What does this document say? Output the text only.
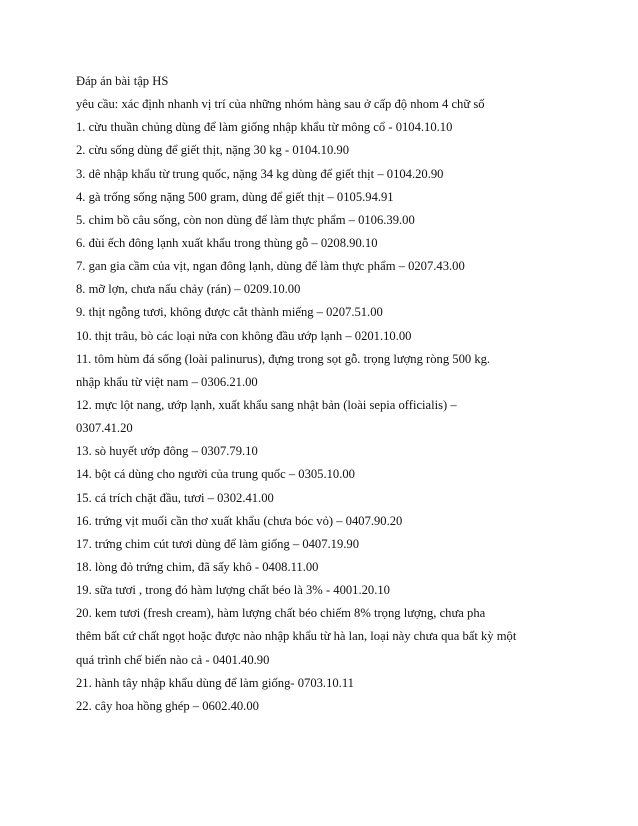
Đáp án bài tập HS
yêu cầu: xác định nhanh vị trí của những nhóm hàng sau ở cấp độ nhom 4 chữ số
1. cừu thuần chủng dùng để làm giống nhập khẩu từ mông cổ - 0104.10.10
2. cừu sống dùng để giết thịt, nặng 30 kg - 0104.10.90
3. dê nhập khẩu từ trung quốc, nặng 34 kg dùng để giết thịt – 0104.20.90
4. gà trống sống nặng 500 gram, dùng để giết thịt – 0105.94.91
5. chim bồ câu sống, còn non dùng để làm thực phẩm – 0106.39.00
6. đùi ếch đông lạnh xuất khẩu trong thùng gỗ – 0208.90.10
7. gan gia cầm của vịt, ngan đông lạnh, dùng để làm thực phẩm – 0207.43.00
8. mỡ lợn, chưa nấu chảy (rán) – 0209.10.00
9. thịt ngỗng tươi, không được cắt thành miếng – 0207.51.00
10. thịt trâu, bò các loại nửa con không đầu ướp lạnh – 0201.10.00
11. tôm hùm đá sống (loài palinurus), đựng trong sọt gỗ. trọng lượng ròng 500 kg.
nhập khẩu từ việt nam – 0306.21.00
12. mực lột nang, ướp lạnh, xuất khẩu sang nhật bản (loài sepia officialis) –
0307.41.20
13. sò huyết ướp đông – 0307.79.10
14. bột cá dùng cho người của trung quốc – 0305.10.00
15. cá trích chặt đầu, tươi – 0302.41.00
16. trứng vịt muối cần thơ xuất khẩu (chưa bóc vỏ) – 0407.90.20
17. trứng chim cút tươi dùng để làm giống – 0407.19.90
18. lòng đỏ trứng chim, đã sấy khô - 0408.11.00
19. sữa tươi , trong đó hàm lượng chất béo là 3% - 4001.20.10
20. kem tươi (fresh cream), hàm lượng chất béo chiếm 8% trọng lượng, chưa pha
thêm bất cứ chất ngọt hoặc được nào nhập khẩu từ hà lan, loại này chưa qua bất kỳ một
quá trình chế biến nào cả - 0401.40.90
21. hành tây nhập khẩu dùng để làm giống- 0703.10.11
22. cây hoa hồng ghép – 0602.40.00
